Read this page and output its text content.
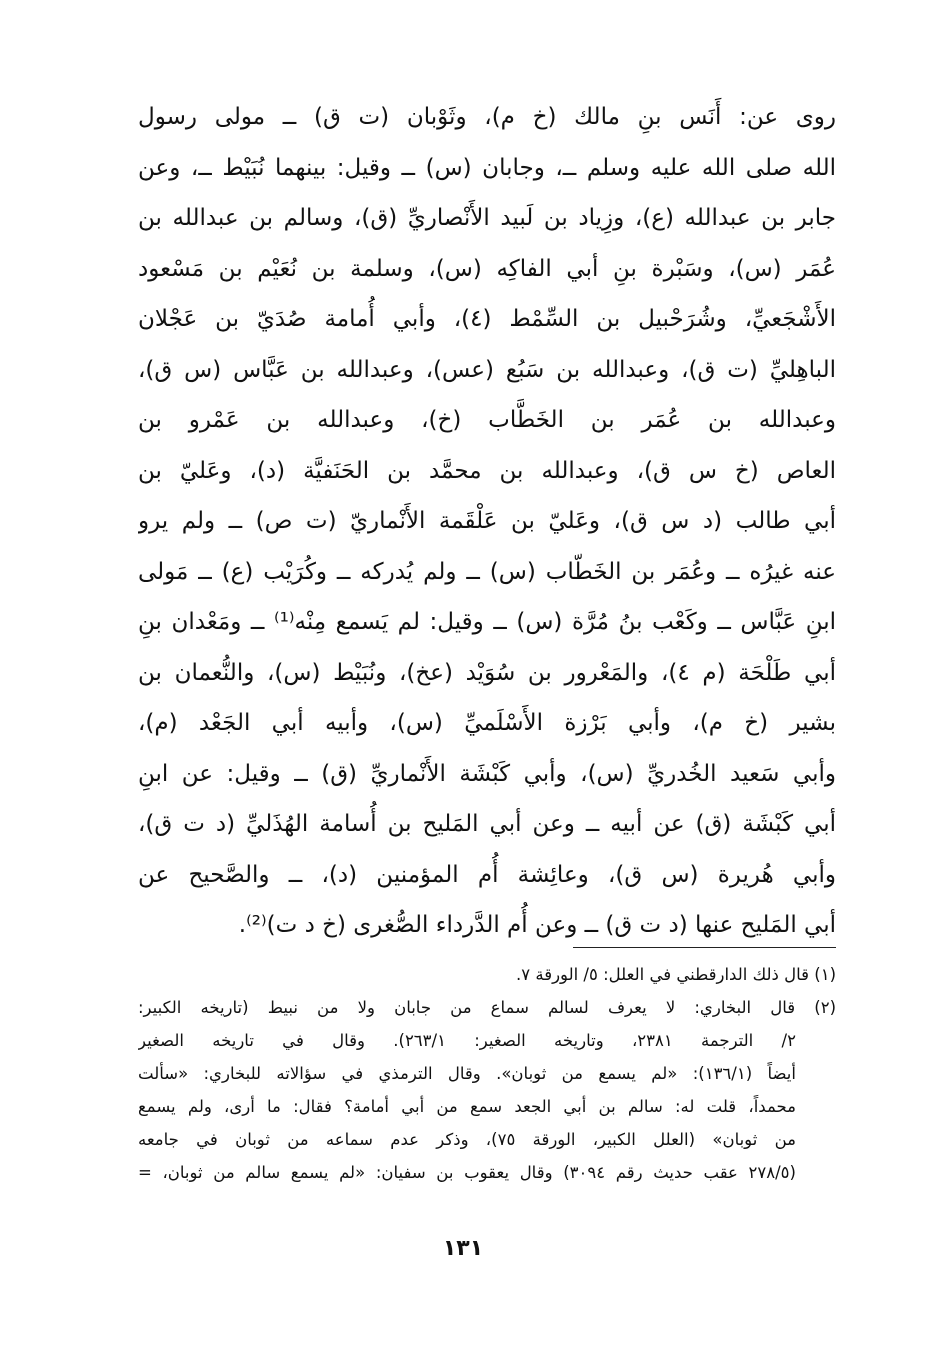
روى عن: أَنَس بنِ مالك (خ م)، وثَوْبان (ت ق) ــ مولى رسول
الله صلى الله عليه وسلم ــ، وجابان (س) ــ وقيل: بينهما نُبَيْط ــ، وعن
جابر بن عبدالله (ع)، وزِياد بن لَبيد الأَنْصاريِّ (ق)، وسالم بن عبدالله بن
عُمَر (س)، وسَبْرة بنِ أبي الفاكِه (س)، وسلمة بن نُعَيْم بن مَسْعود
الأَشْجَعيِّ، وشُرَحْبيل بن السِّمْط (٤)، وأبي أُمامة صُدَيّ بن عَجْلان
الباهِليِّ (ت ق)، وعبدالله بن سَبُع (عس)، وعبدالله بن عَبَّاس (س ق)،
وعبدالله بن عُمَر بن الخَطَّاب (خ)، وعبدالله بن عَمْرو بن
العاص (خ س ق)، وعبدالله بن محمَّد بن الحَنَفيَّة (د)، وعَليّ بن
أبي طالب (د س ق)، وعَليّ بن عَلْقَمة الأَنْماريّ (ت ص) ــ ولم يرو
عنه غيرُه ــ وعُمَر بن الخَطّاب (س) ــ ولم يُدركه ــ وكُرَيْب (ع) ــ مَولى
ابنِ عَبَّاس ــ وكَعْب بنُ مُرَّة (س) ــ وقيل: لم يَسمع مِنْه⁽¹⁾ ــ ومَعْدان بنِ
أبي طَلْحَة (م ٤)، والمَعْرور بن سُوَيْد (عخ)، ونُبَيْط (س)، والنُّعمان بن
بشير (خ م)، وأبي بَرْزة الأَسْلَميِّ (س)، وأبيه أبي الجَعْد (م)،
وأبي سَعيد الخُدريِّ (س)، وأبي كَبْشَة الأَنْماريِّ (ق) ــ وقيل: عن ابنِ
أبي كَبْشَة (ق) عن أبيه ــ وعن أبي المَليح بن أُسامة الهُذَليِّ (د ت ق)،
وأبي هُريرة (س ق)، وعائِشة أُم المؤمنين (د)، ــ والصَّحيح عن
أبي المَليح عنها (د ت ق) ــ وعن أُم الدَّرداء الصُّغرى (خ د ت)⁽²⁾.
(١) قال ذلك الدارقطني في العلل: ٥/ الورقة ٧.
(٢) قال البخاري: لا يعرف لسالم سماع من جابان ولا من نبيط (تاريخه الكبير:
٢/ الترجمة ٢٣٨١، وتاريخه الصغير: ٢٦٣/١). وقال في تاريخه الصغير
أيضاً (١٣٦/١): «لم يسمع من ثوبان». وقال الترمذي في سؤالاته للبخاري: «سألت
محمداً، قلت له: سالم بن أبي الجعد سمع من أبي أمامة؟ فقال: ما أرى، ولم يسمع
من ثوبان» (العلل الكبير، الورقة ٧٥)، وذكر عدم سماعه من ثوبان في جامعه
(٢٧٨/٥ عقب حديث رقم ٣٠٩٤) وقال يعقوب بن سفيان: «لم يسمع سالم من ثوبان، =
١٣١
